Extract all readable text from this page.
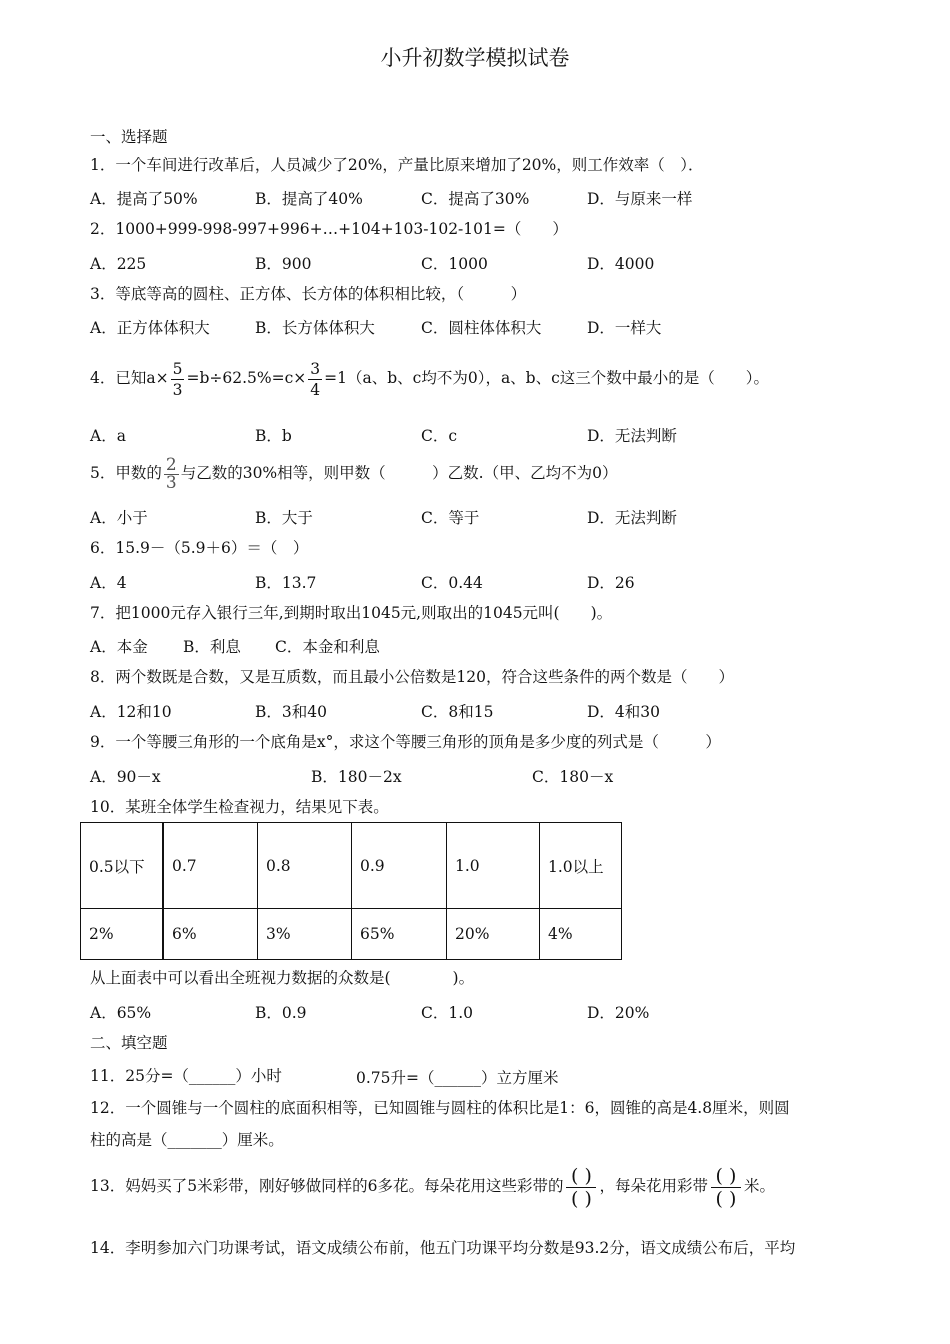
小升初数学模拟试卷
一、选择题
1．一个车间进行改革后，人员减少了20%，产量比原来增加了20%，则工作效率（　）．
A．提高了50%	B．提高了40%	C．提高了30%	D．与原来一样
2．1000+999-998-997+996+…+104+103-102-101=（　　）
A．225	B．900	C．1000	D．4000
3．等底等高的圆柱、正方体、长方体的体积相比较，（　　　）
A．正方体体积大	B．长方体体积大	C．圆柱体体积大	D．一样大
4．已知$a\times \frac{5}{3} =b\div 62.5\%=c\times \frac{3}{4} =1(a$、b、c均不为0），a、b、c这三个数中最小的是（　　）。
A．a	B．b	C．c	D．无法判断
5．甲数的 $\frac{2}{3}$ 与乙数的30%相等，则甲数（　　　）乙数.（甲、乙均不为0）
A．小于	B．大于	C．等于	D．无法判断
6．15.9－（5.9＋6）＝（　）
A．4	B．13.7	C．0.44	D．26
7．把1000元存入银行三年,到期时取出1045元,则取出的1045元叫(　　)。
A．本金 B．利息 C．本金和利息
8．两个数既是合数，又是互质数，而且最小公倍数是120，符合这些条件的两个数是（　　）
A．12和10	B．3和40	C．8和15	D．4和30
9．一个等腰三角形的一个底角是x°，求这个等腰三角形的顶角是多少度的列式是（　　　）
A．90－x	B．180－2x	C．180－x
10．某班全体学生检查视力，结果见下表。
0.5以下	0.7	0.8	0.9	1.0	1.0以上
2%	6%	3%	65%	20%	4%
从上面表中可以看出全班视力数据的众数是(　　　　)。
A．65%	B．0.9	C．1.0	D．20%
二、填空题
11．25分=（______）小时	0.75升=（______）立方厘米
12．一个圆锥与一个圆柱的底面积相等，已知圆锥与圆柱的体积比是1：6，圆锥的高是4.8厘米，则圆
柱的高是（_______）厘米。
13．妈妈买了5米彩带，刚好够做同样的6多花。每朵花用这些彩带的 $\frac{( )}{( )}$ ，每朵花用彩带 $\frac{( )}{( )}$ 米。
14．李明参加六门功课考试，语文成绩公布前，他五门功课平均分数是93.2分，语文成绩公布后，平均
